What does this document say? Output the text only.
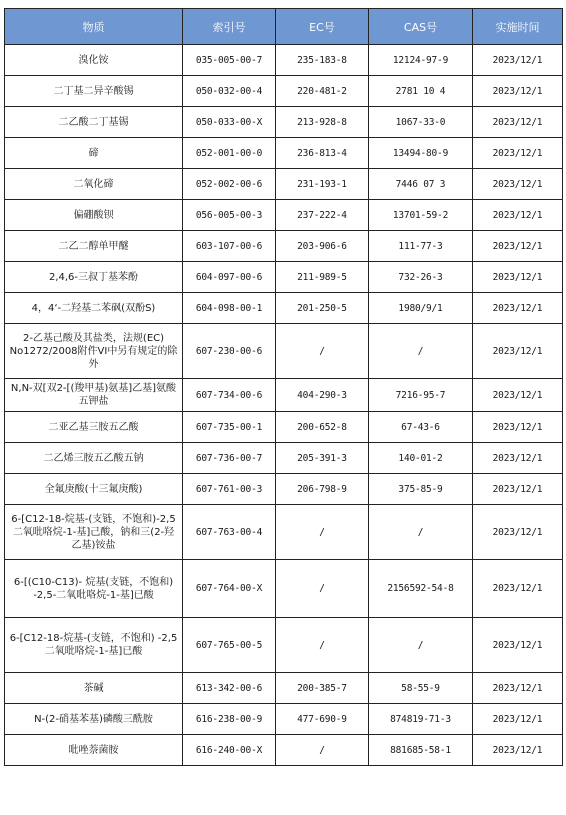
物质	索引号	EC号	CAS号	实施时间
溴化铵	035-005-00-7	235-183-8	12124-97-9	2023/12/1
二丁基二异辛酸锡	050-032-00-4	220-481-2	2781 10 4	2023/12/1
二乙酸二丁基锡	050-033-00-X	213-928-8	1067-33-0	2023/12/1
碲	052-001-00-0	236-813-4	13494-80-9	2023/12/1
二氧化碲	052-002-00-6	231-193-1	7446 07 3	2023/12/1
偏硼酸钡	056-005-00-3	237-222-4	13701-59-2	2023/12/1
二乙二醇单甲醚	603-107-00-6	203-906-6	111-77-3	2023/12/1
2,4,6-三叔丁基苯酚	604-097-00-6	211-989-5	732-26-3	2023/12/1
4，4‘-二羟基二苯砜(双酚S)	604-098-00-1	201-250-5	1980/9/1	2023/12/1
2-乙基己酸及其盐类，法规(EC) No1272/2008附件VI中另有规定的除外	607-230-00-6	/	/	2023/12/1
N,N-双[双2-[(羧甲基)氨基]乙基]氨酸五钾盐	607-734-00-6	404-290-3	7216-95-7	2023/12/1
二亚乙基三胺五乙酸	607-735-00-1	200-652-8	67-43-6	2023/12/1
二乙烯三胺五乙酸五钠	607-736-00-7	205-391-3	140-01-2	2023/12/1
全氟庚酸(十三氟庚酸)	607-761-00-3	206-798-9	375-85-9	2023/12/1
6-[C12-18-烷基-(支链，不饱和)-2,5 二氧吡咯烷-1-基]己酸，钠和三(2-羟乙基)铵盐	607-763-00-4	/	/	2023/12/1
6-[(C10-C13)- 烷基(支链，不饱和) -2,5-二氧吡咯烷-1-基]已酸	607-764-00-X	/	2156592-54-8	2023/12/1
6-[C12-18-烷基-(支链，不饱和) -2,5二氧吡咯烷-1-基]已酸	607-765-00-5	/	/	2023/12/1
茶碱	613-342-00-6	200-385-7	58-55-9	2023/12/1
N-(2-硝基苯基)磷酸三酰胺	616-238-00-9	477-690-9	874819-71-3	2023/12/1
吡唑萘菌胺	616-240-00-X	/	881685-58-1	2023/12/1
